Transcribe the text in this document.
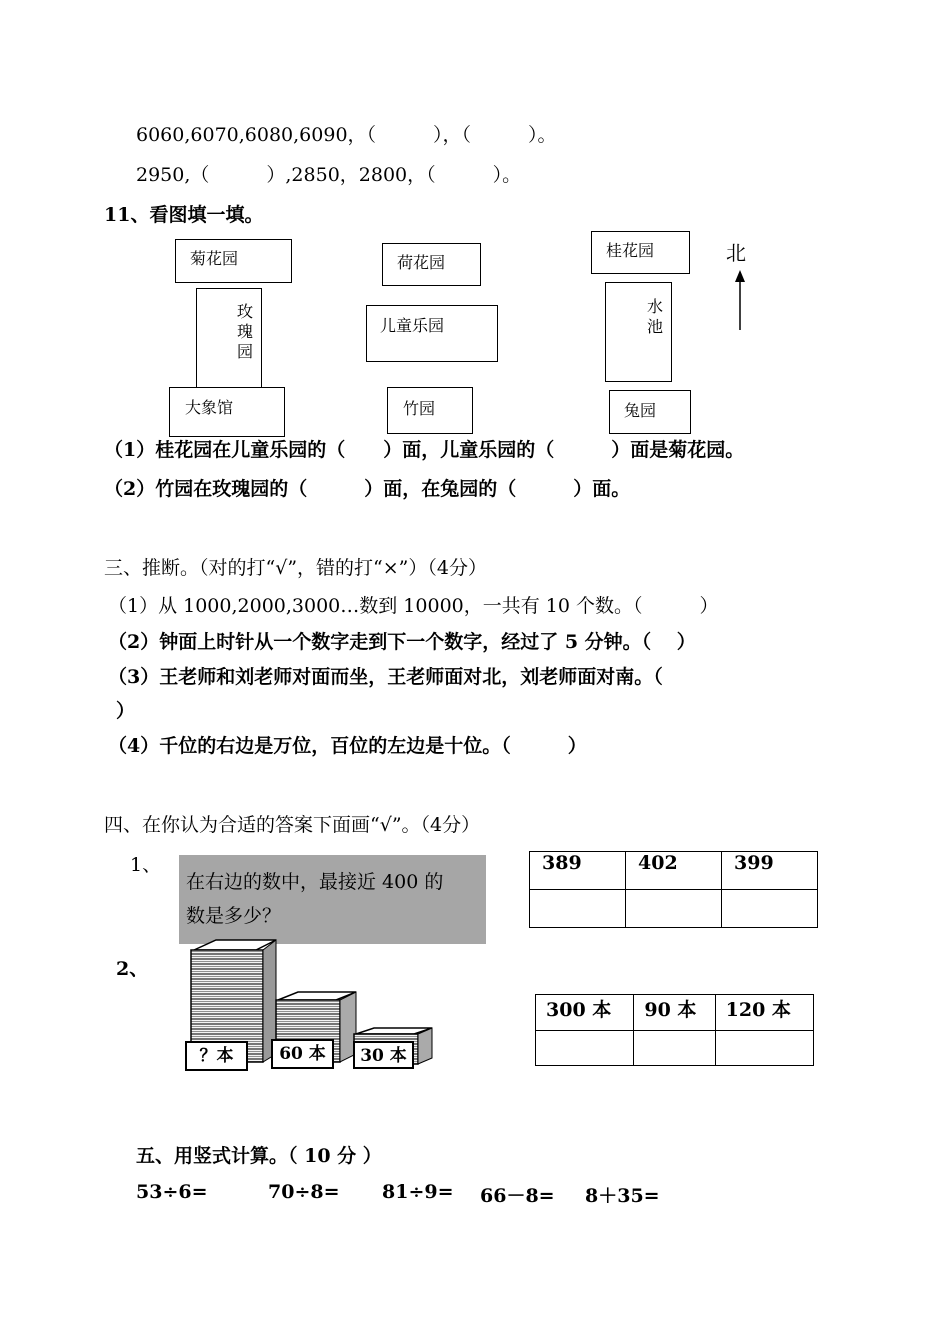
6060,6070,6080,6090，（　　　），（　　　）。
2950,（　　　）,2850，2800，（　　　）。
11、看图填一填。
玫
瑰
园
菊花园
大象馆
荷花园
儿童乐园
竹园
桂花园
水
池
兔园
北
（1）桂花园在儿童乐园的（　　）面，儿童乐园的（　　　）面是菊花园。
（2）竹园在玫瑰园的（　　　）面，在兔园的（　　　）面。
三、推断。（对的打“√”，错的打“×”）（4分）
（1）从 1000,2000,3000…数到 10000，一共有 10 个数。（　　　）
（2）钟面上时针从一个数字走到下一个数字，经过了 5 分钟。（　 ）
（3）王老师和刘老师对面而坐，王老师面对北，刘老师面对南。（
）
（4）千位的右边是万位，百位的左边是十位。（　　　）
四、在你认为合适的答案下面画“√”。（4分）
1、
在右边的数中，最接近 400 的
数是多少？
389	402	399

2、
？本	60 本	30 本
300 本	90 本	120 本

五、用竖式计算。（ 10 分 ）
53÷6=	70÷8= 81÷9= 66－8= 8＋35=
